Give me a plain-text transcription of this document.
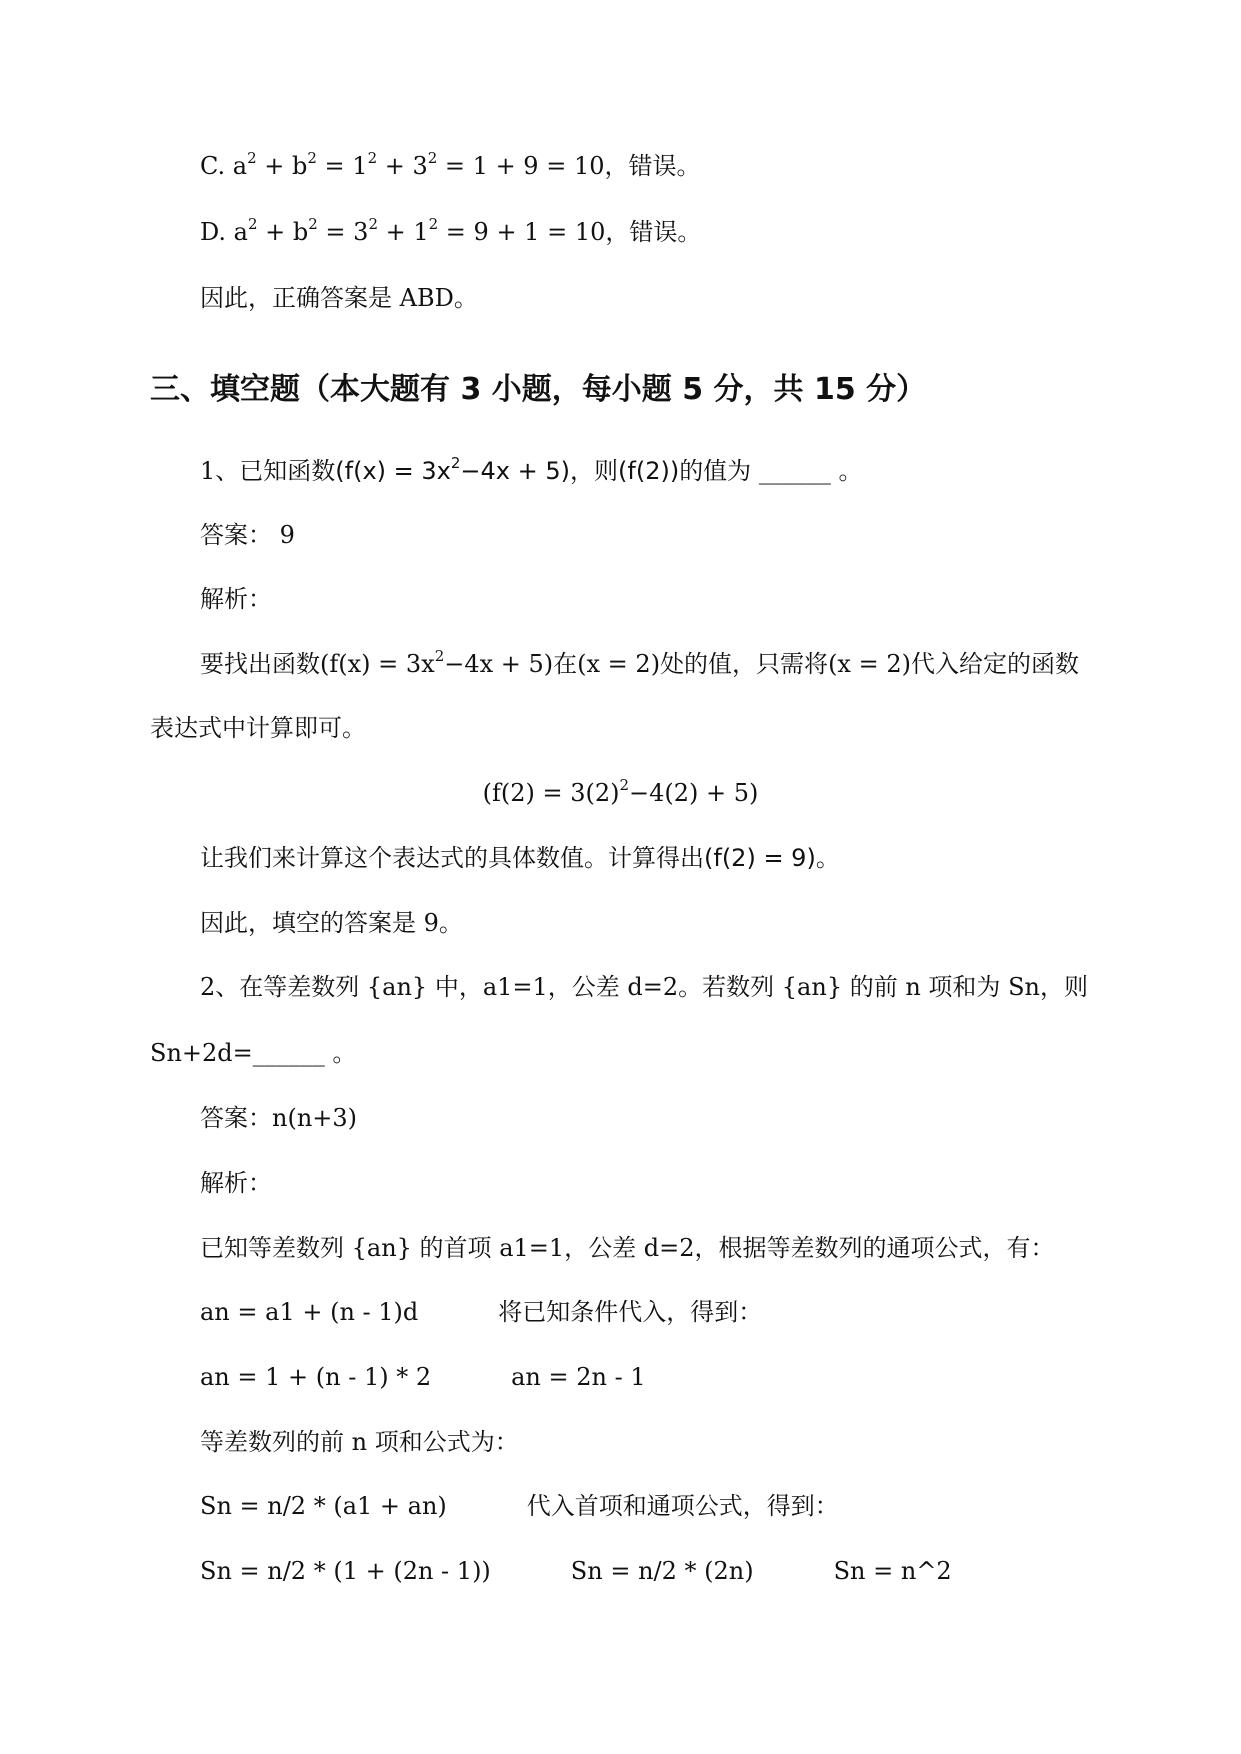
C. $a^2 + b^2 = 1^2 + 3^2 = 1 + 9 = 10$，错误。
D. $a^2 + b^2 = 3^2 + 1^2 = 9 + 1 = 10$，错误。
因此，正确答案是 ABD。
三、填空题（本大题有 3 小题，每小题 5 分，共 15 分）
1、已知函数$(f(x) = 3x^2-4x + 5)$，则(f(2))的值为 ______ 。
答案： 9
解析：
要找出函数$(f(x) = 3x^2-4x + 5)$在(x = 2)处的值，只需将(x = 2)代入给定的函数
表达式中计算即可。
$(f(2) = 3(2)^2-4(2) + 5)$
让我们来计算这个表达式的具体数值。计算得出(f(2) = 9)。
因此，填空的答案是 9。
2、在等差数列 {an} 中，a1=1，公差 d=2。若数列 {an} 的前 n 项和为 Sn，则
Sn+2d=______ 。
答案：n(n+3)
解析：
已知等差数列 {an} 的首项 a1=1，公差 d=2，根据等差数列的通项公式，有：
an = a1 + (n - 1)d	将已知条件代入，得到：
an = 1 + (n - 1) * 2	an = 2n - 1
等差数列的前 n 项和公式为：
Sn = n/2 * (a1 + an)	代入首项和通项公式，得到：
Sn = n/2 * (1 + (2n - 1))	Sn = n/2 * (2n)	Sn = n^2
